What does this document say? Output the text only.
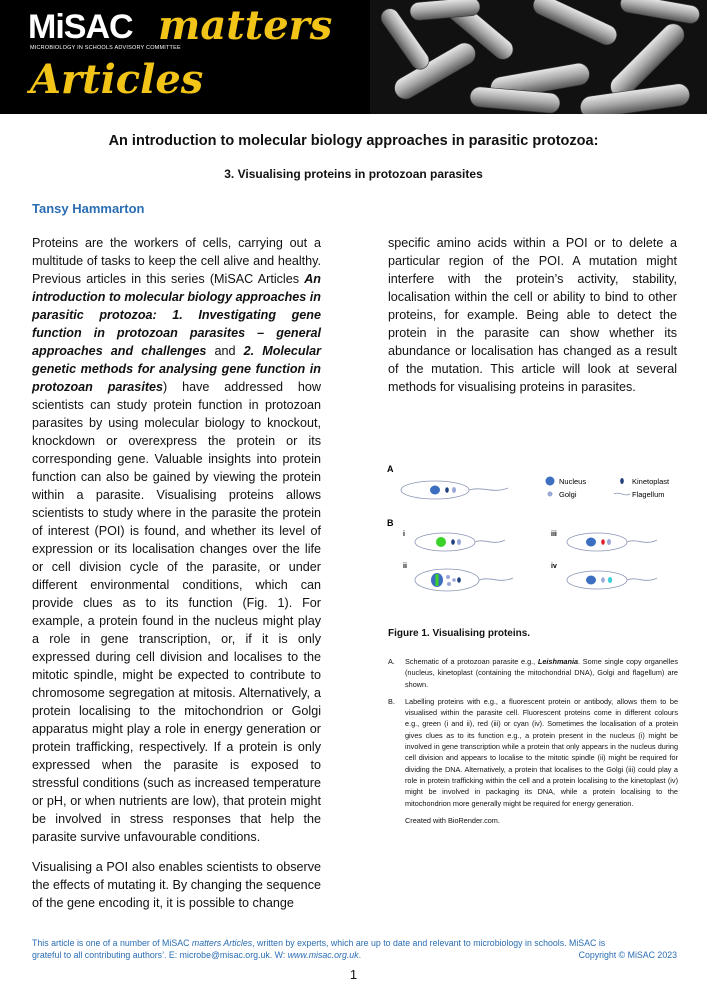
MiSAC
MICROBIOLOGY IN SCHOOLS ADVISORY COMMITTEE
matters
Articles
An introduction to molecular biology approaches in parasitic protozoa:
3. Visualising proteins in protozoan parasites
Tansy Hammarton

Proteins are the workers of cells, carrying out a multitude of tasks to keep the cell alive and healthy. Previous articles in this series (MiSAC Articles An introduction to molecular biology approaches in parasitic protozoa: 1. Investigating gene function in protozoan parasites – general approaches and challenges and 2. Molecular genetic methods for analysing gene function in protozoan parasites) have addressed how scientists can study protein function in protozoan parasites by using molecular biology to knockout, knockdown or overexpress the protein or its corresponding gene. Valuable insights into protein function can also be gained by viewing the protein within a parasite. Visualising proteins allows scientists to study where in the parasite the protein of interest (POI) is found, and whether its level of expression or its localisation changes over the life or cell division cycle of the parasite, or under different environmental conditions, which can provide clues as to its function (Fig. 1). For example, a protein found in the nucleus might play a role in gene transcription, or, if it is only expressed during cell division and localises to the mitotic spindle, might be expected to contribute to chromosome segregation at mitosis. Alternatively, a protein localising to the mitochondrion or Golgi apparatus might play a role in energy generation or protein trafficking, respectively. If a protein is only expressed when the parasite is exposed to stressful conditions (such as increased temperature or pH, or when nutrients are low), that protein might be involved in stress responses that help the parasite survive unfavourable conditions.

Visualising a POI also enables scientists to observe the effects of mutating it. By changing the sequence of the gene encoding it, it is possible to change

specific amino acids within a POI or to delete a particular region of the POI. A mutation might interfere with the protein’s activity, stability, localisation within the cell or ability to bind to other proteins, for example. Being able to detect the protein in the parasite can show whether its abundance or localisation has changed as a result of the mutation. This article will look at several methods for visualising proteins in parasites.

A
B
Nucleus
Golgi
Kinetoplast
Flagellum
i
ii
iii
iv
Figure 1. Visualising proteins.
A. Schematic of a protozoan parasite e.g., Leishmania. Some single copy organelles (nucleus, kinetoplast (containing the mitochondrial DNA), Golgi and flagellum) are shown.
B. Labelling proteins with e.g., a fluorescent protein or antibody, allows them to be visualised within the parasite cell. Fluorescent proteins come in different colours e.g., green (i and ii), red (iii) or cyan (iv). Sometimes the localisation of a protein gives clues as to its function e.g., a protein present in the nucleus (i) might be involved in gene transcription while a protein that only appears in the nucleus during cell division and appears to localise to the mitotic spindle (ii) might be required for dividing the DNA. Alternatively, a protein that localises to the Golgi (iii) could play a role in protein trafficking within the cell and a protein localising to the kinetoplast (iv) might be involved in packaging its DNA, while a protein localising to the mitochondrion more generally might be required for energy generation.
Created with BioRender.com.
This article is one of a number of MiSAC matters Articles, written by experts, which are up to date and relevant to microbiology in schools. MiSAC is
grateful to all contributing authors’. E: microbe@misac.org.uk. W: www.misac.org.uk.	Copyright © MiSAC 2023
1
